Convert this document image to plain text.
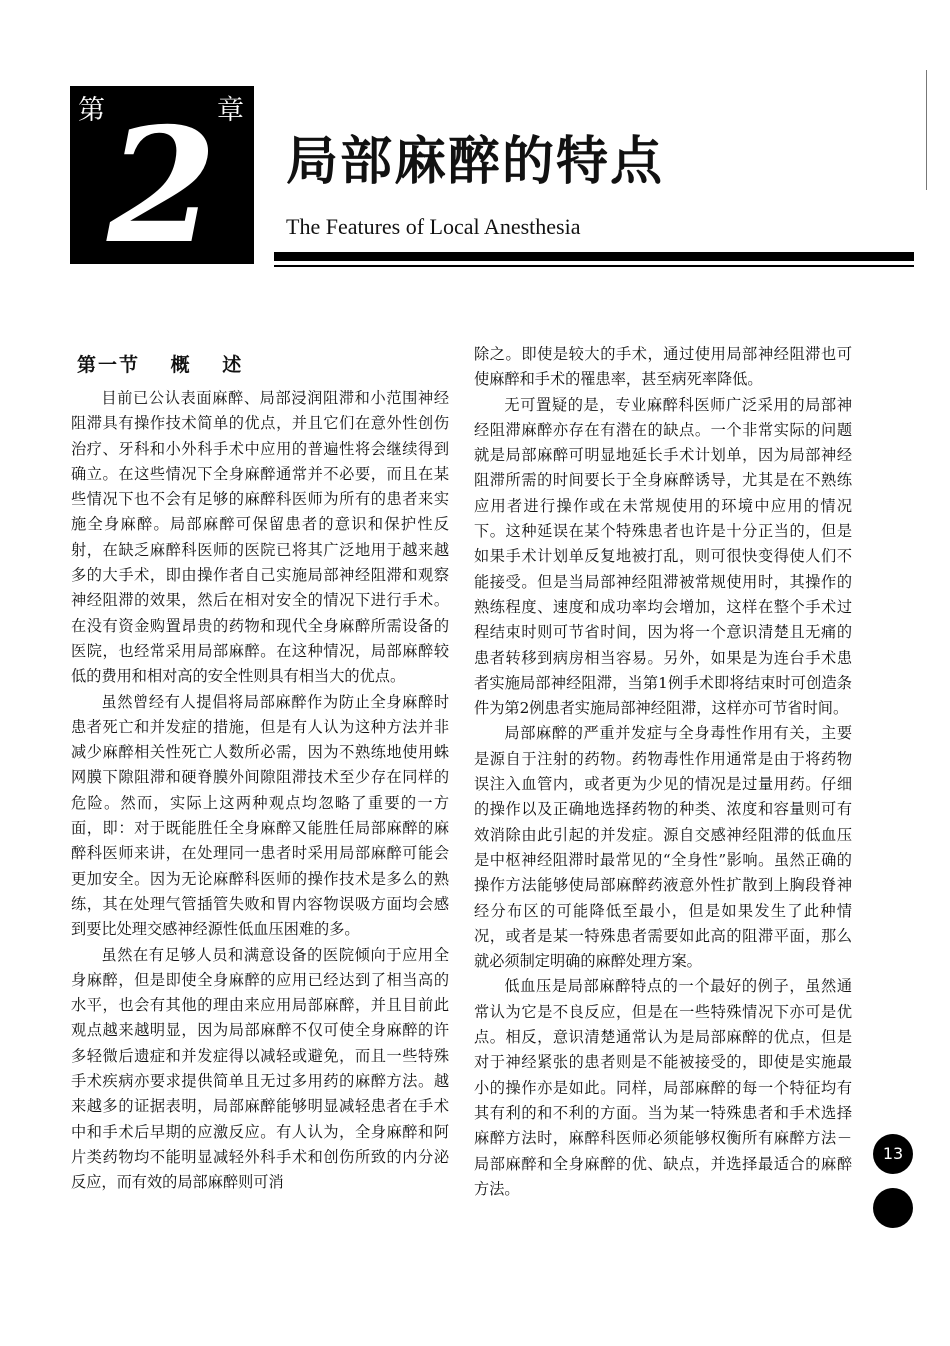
第	章
2	局部麻醉的特点
The Features of Local Anesthesia
第一节 概 述

目前已公认表面麻醉、局部浸润阻滞和小范围神经阻滞具有操作技术简单的优点，并且它们在意外性创伤治疗、牙科和小外科手术中应用的普遍性将会继续得到确立。在这些情况下全身麻醉通常并不必要，而且在某些情况下也不会有足够的麻醉科医师为所有的患者来实施全身麻醉。局部麻醉可保留患者的意识和保护性反射，在缺乏麻醉科医师的医院已将其广泛地用于越来越多的大手术，即由操作者自己实施局部神经阻滞和观察神经阻滞的效果，然后在相对安全的情况下进行手术。在没有资金购置昂贵的药物和现代全身麻醉所需设备的医院，也经常采用局部麻醉。在这种情况，局部麻醉较低的费用和相对高的安全性则具有相当大的优点。

虽然曾经有人提倡将局部麻醉作为防止全身麻醉时患者死亡和并发症的措施，但是有人认为这种方法并非减少麻醉相关性死亡人数所必需，因为不熟练地使用蛛网膜下隙阻滞和硬脊膜外间隙阻滞技术至少存在同样的危险。然而，实际上这两种观点均忽略了重要的一方面，即：对于既能胜任全身麻醉又能胜任局部麻醉的麻醉科医师来讲，在处理同一患者时采用局部麻醉可能会更加安全。因为无论麻醉科医师的操作技术是多么的熟练，其在处理气管插管失败和胃内容物误吸方面均会感到要比处理交感神经源性低血压困难的多。

虽然在有足够人员和满意设备的医院倾向于应用全身麻醉，但是即使全身麻醉的应用已经达到了相当高的水平，也会有其他的理由来应用局部麻醉，并且目前此观点越来越明显，因为局部麻醉不仅可使全身麻醉的许多轻微后遗症和并发症得以减轻或避免，而且一些特殊手术疾病亦要求提供简单且无过多用药的麻醉方法。越来越多的证据表明，局部麻醉能够明显减轻患者在手术中和手术后早期的应激反应。有人认为，全身麻醉和阿片类药物均不能明显减轻外科手术和创伤所致的内分泌反应，而有效的局部麻醉则可消

除之。即使是较大的手术，通过使用局部神经阻滞也可使麻醉和手术的罹患率，甚至病死率降低。

无可置疑的是，专业麻醉科医师广泛采用的局部神经阻滞麻醉亦存在有潜在的缺点。一个非常实际的问题就是局部麻醉可明显地延长手术计划单，因为局部神经阻滞所需的时间要长于全身麻醉诱导，尤其是在不熟练应用者进行操作或在未常规使用的环境中应用的情况下。这种延误在某个特殊患者也许是十分正当的，但是如果手术计划单反复地被打乱，则可很快变得使人们不能接受。但是当局部神经阻滞被常规使用时，其操作的熟练程度、速度和成功率均会增加，这样在整个手术过程结束时则可节省时间，因为将一个意识清楚且无痛的患者转移到病房相当容易。另外，如果是为连台手术患者实施局部神经阻滞，当第1例手术即将结束时可创造条件为第2例患者实施局部神经阻滞，这样亦可节省时间。

局部麻醉的严重并发症与全身毒性作用有关，主要是源自于注射的药物。药物毒性作用通常是由于将药物误注入血管内，或者更为少见的情况是过量用药。仔细的操作以及正确地选择药物的种类、浓度和容量则可有效消除由此引起的并发症。源自交感神经阻滞的低血压是中枢神经阻滞时最常见的“全身性”影响。虽然正确的操作方法能够使局部麻醉药液意外性扩散到上胸段脊神经分布区的可能降低至最小，但是如果发生了此种情况，或者是某一特殊患者需要如此高的阻滞平面，那么就必须制定明确的麻醉处理方案。

低血压是局部麻醉特点的一个最好的例子，虽然通常认为它是不良反应，但是在一些特殊情况下亦可是优点。相反，意识清楚通常认为是局部麻醉的优点，但是对于神经紧张的患者则是不能被接受的，即使是实施最小的操作亦是如此。同样，局部麻醉的每一个特征均有其有利的和不利的方面。当为某一特殊患者和手术选择麻醉方法时，麻醉科医师必须能够权衡所有麻醉方法－局部麻醉和全身麻醉的优、缺点，并选择最适合的麻醉方法。

13
